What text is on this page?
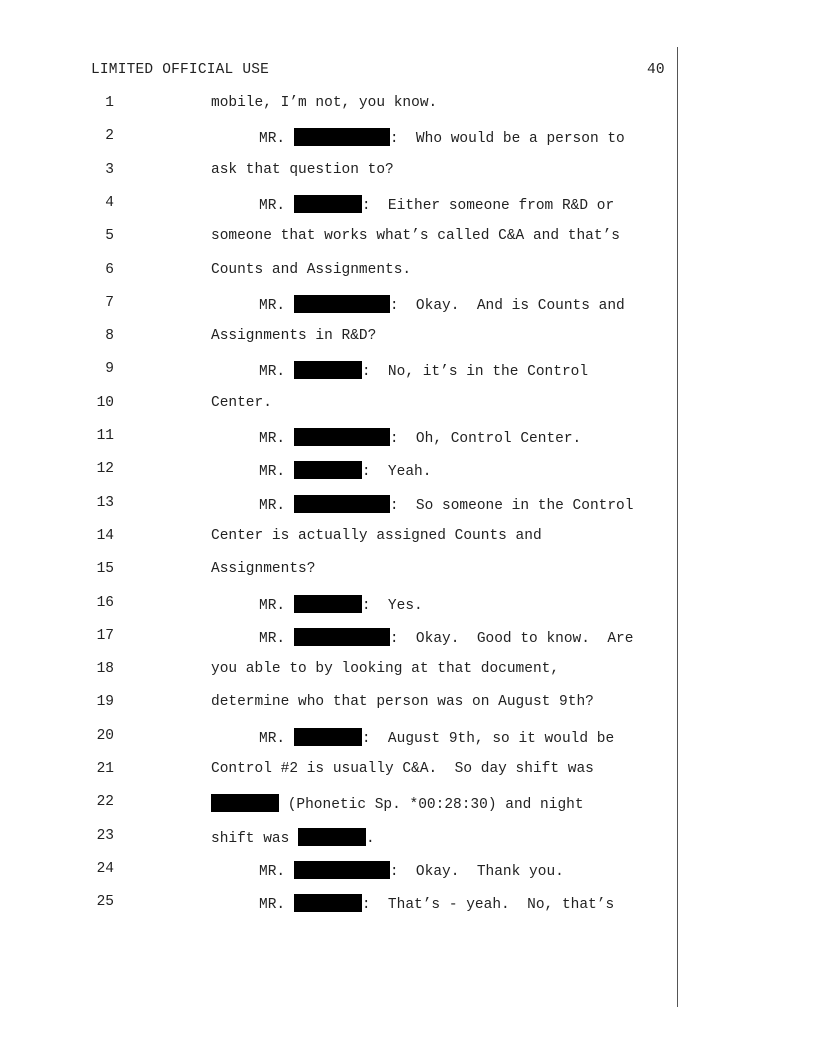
LIMITED OFFICIAL USE	40
1	mobile, I’m not, you know.
2	MR.	:  Who would be a person to
3	ask that question to?
4	MR.	:  Either someone from R&D or
5	someone that works what’s called C&A and that’s
6	Counts and Assignments.
7	MR.	:  Okay.  And is Counts and
8	Assignments in R&D?
9	MR.	:  No, it’s in the Control
10	Center.
11	MR.	:  Oh, Control Center.
12	MR.	:  Yeah.
13	MR.	:  So someone in the Control
14	Center is actually assigned Counts and
15	Assignments?
16	MR.	:  Yes.
17	MR.	:  Okay.  Good to know.  Are
18	you able to by looking at that document,
19	determine who that person was on August 9th?
20	MR.	:  August 9th, so it would be
21	Control #2 is usually C&A.  So day shift was
22	(Phonetic Sp. *00:28:30) and night
23	shift was	.
24	MR.	:  Okay.  Thank you.
25	MR.	:  That’s - yeah.  No, that’s
